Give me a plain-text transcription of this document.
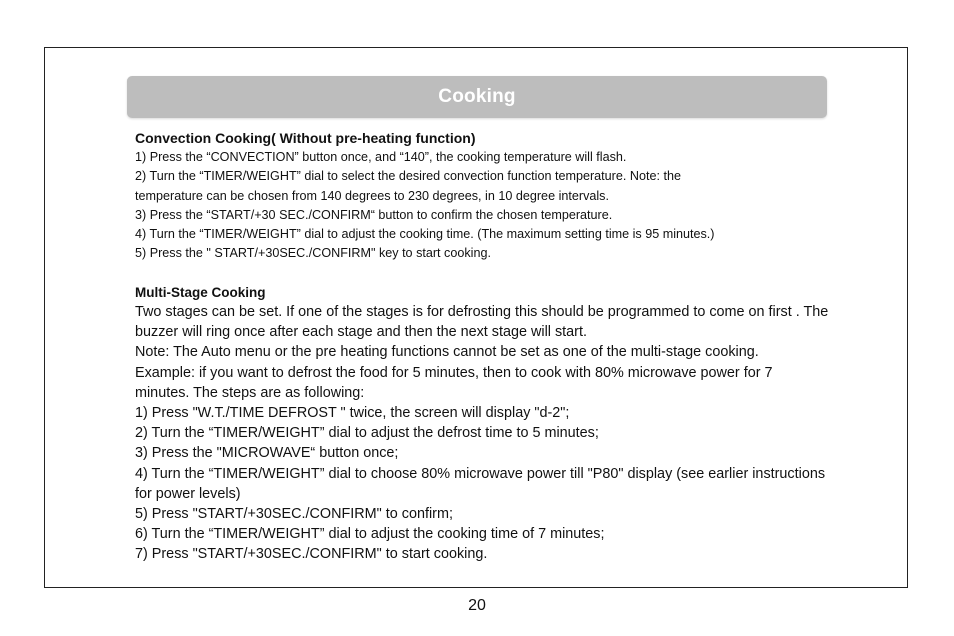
Cooking

Convection Cooking( Without pre-heating function)

1) Press the “CONVECTION” button once, and “140”, the cooking temperature will flash.

2) Turn the “TIMER/WEIGHT” dial to select the desired convection function temperature. Note: the

temperature can be chosen from 140 degrees to 230 degrees, in 10 degree intervals.

3) Press the “START/+30 SEC./CONFIRM“ button to confirm the chosen temperature.

4) Turn the “TIMER/WEIGHT” dial to adjust the cooking time. (The maximum setting time is 95 minutes.)

5) Press the " START/+30SEC./CONFIRM" key to start cooking.

Multi-Stage Cooking

Two stages can be set. If one of the stages is for defrosting this should be programmed to come on first . The

buzzer will ring once after each stage and then the next stage will start.

Note: The Auto menu or the pre heating functions cannot be set as one of the multi-stage cooking.

Example: if you want to defrost the food for 5 minutes, then to cook with 80% microwave power for 7

minutes. The steps are as following:

1) Press "W.T./TIME DEFROST " twice, the screen will display "d-2";

2) Turn the “TIMER/WEIGHT” dial to adjust the defrost time to 5 minutes;

3) Press the "MICROWAVE“ button once;

4) Turn the “TIMER/WEIGHT” dial to choose 80% microwave power till "P80" display (see earlier instructions

for power levels)

5) Press "START/+30SEC./CONFIRM" to confirm;

6) Turn the “TIMER/WEIGHT” dial to adjust the cooking time of 7 minutes;

7) Press "START/+30SEC./CONFIRM" to start cooking.

20
